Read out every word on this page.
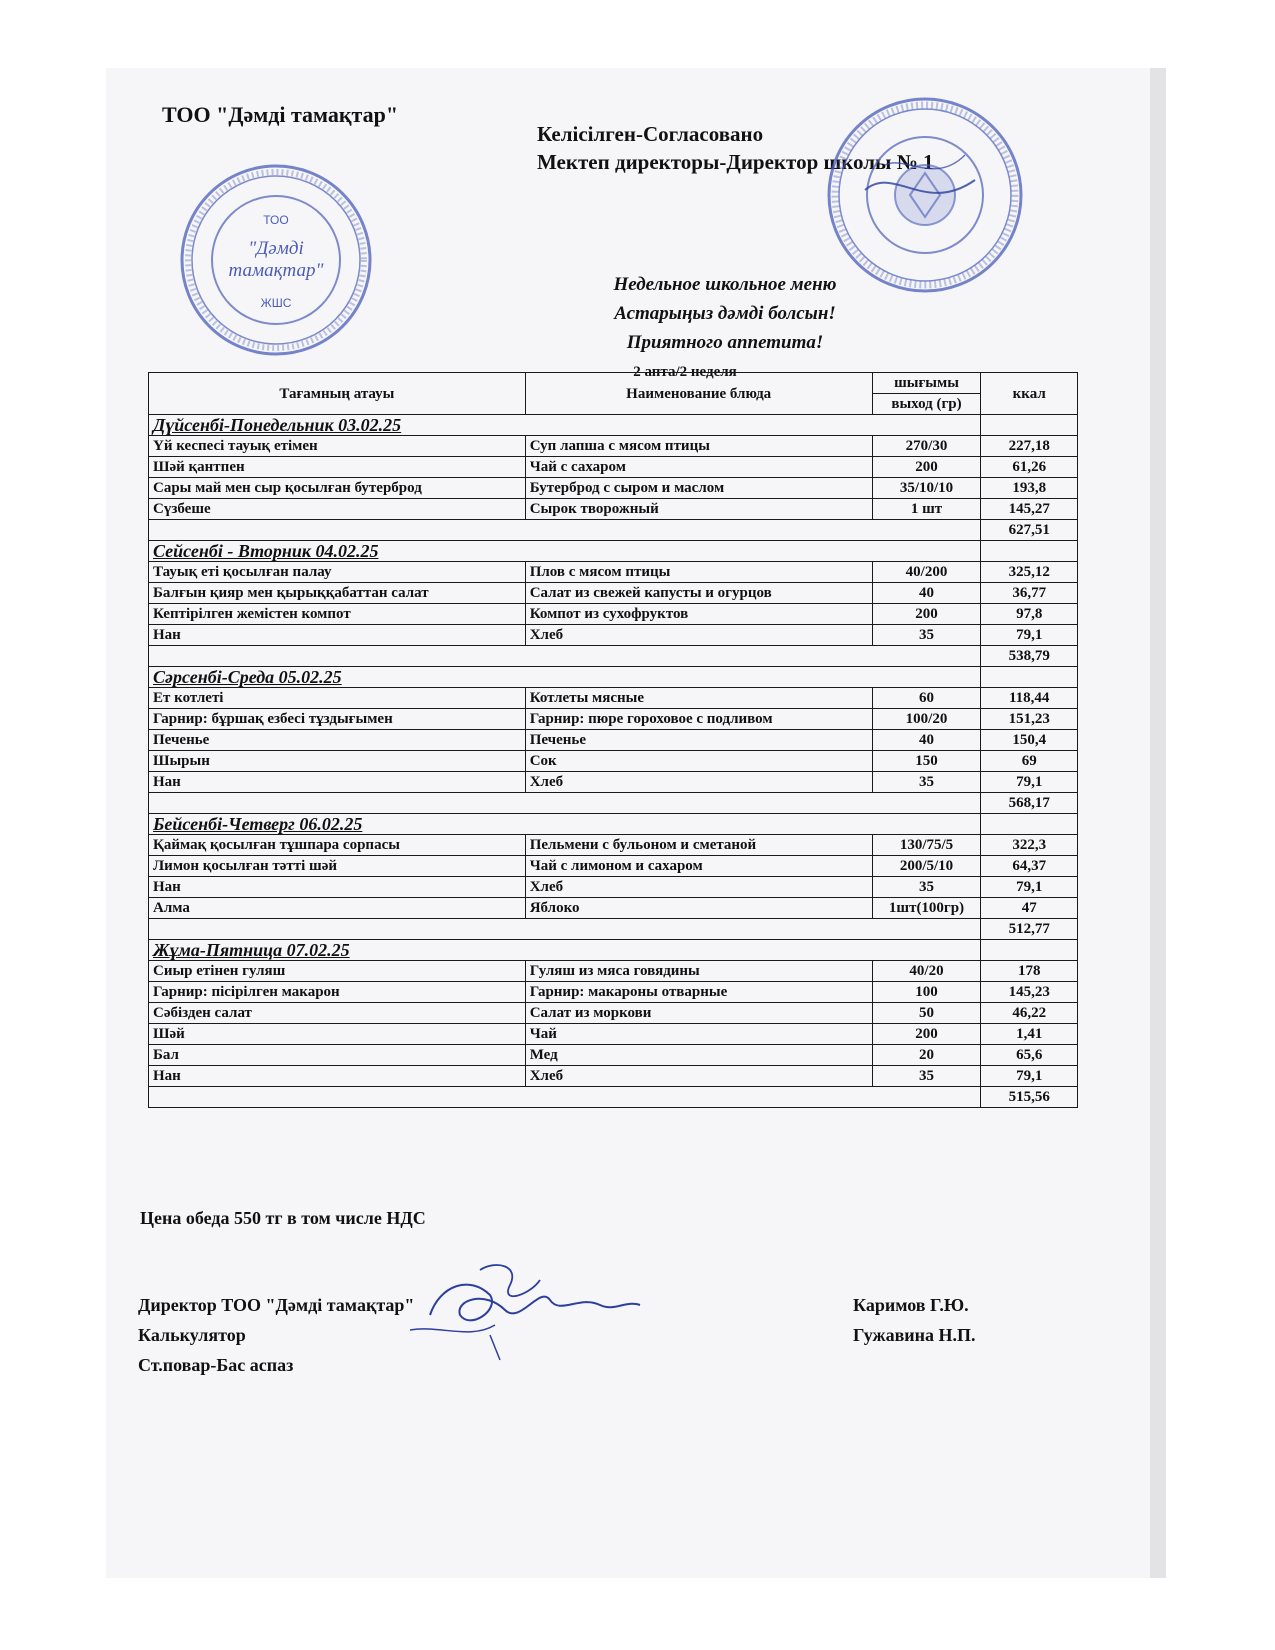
ТОО "Дәмді тамақтар"
Келісілген-Согласовано
Мектеп директоры-Директор школы № 1
ТОО
"Дәмді
тамақтар"
ЖШС
Недельное школьное меню
Астарыңыз дәмді болсын!
Приятного аппетита!
2 апта/2 неделя
Тағамның атауы	Наименование блюда	шығымы	ккал
		выход (гр)	
Дүйсенбі-Понедельник 03.02.25			
Үй кеспесі тауық етімен	Суп лапша с мясом птицы	270/30	227,18
Шәй қантпен	Чай с сахаром	200	61,26
Сары май мен сыр қосылған бутерброд	Бутерброд с сыром и маслом	35/10/10	193,8
Сүзбеше	Сырок творожный	1 шт	145,27
			627,51
Сейсенбі - Вторник 04.02.25			
Тауық еті қосылған палау	Плов с мясом птицы	40/200	325,12
Балғын қияр мен қырыққабаттан салат	Салат из свежей капусты и огурцов	40	36,77
Кептірілген жемістен компот	Компот из сухофруктов	200	97,8
Нан	Хлеб	35	79,1
			538,79
Сәрсенбі-Среда 05.02.25			
Ет котлеті	Котлеты мясные	60	118,44
Гарнир: бұршақ езбесі тұздығымен	Гарнир: пюре гороховое с подливом	100/20	151,23
Печенье	Печенье	40	150,4
Шырын	Сок	150	69
Нан	Хлеб	35	79,1
			568,17
Бейсенбі-Четверг 06.02.25			
Қаймақ қосылған тұшпара сорпасы	Пельмени с бульоном и сметаной	130/75/5	322,3
Лимон қосылған тәтті шәй	Чай с лимоном и сахаром	200/5/10	64,37
Нан	Хлеб	35	79,1
Алма	Яблоко	1шт(100гр)	47
			512,77
Жұма-Пятница 07.02.25			
Сиыр етінен гуляш	Гуляш из мяса говядины	40/20	178
Гарнир: пісірілген макарон	Гарнир: макароны отварные	100	145,23
Сәбізден салат	Салат из моркови	50	46,22
Шәй	Чай	200	1,41
Бал	Мед	20	65,6
Нан	Хлеб	35	79,1
			515,56
Цена обеда 550 тг в том числе НДС
Директор ТОО "Дәмді тамақтар"
Калькулятор
Ст.повар-Бас аспаз
Каримов Г.Ю.
Гужавина Н.П.
